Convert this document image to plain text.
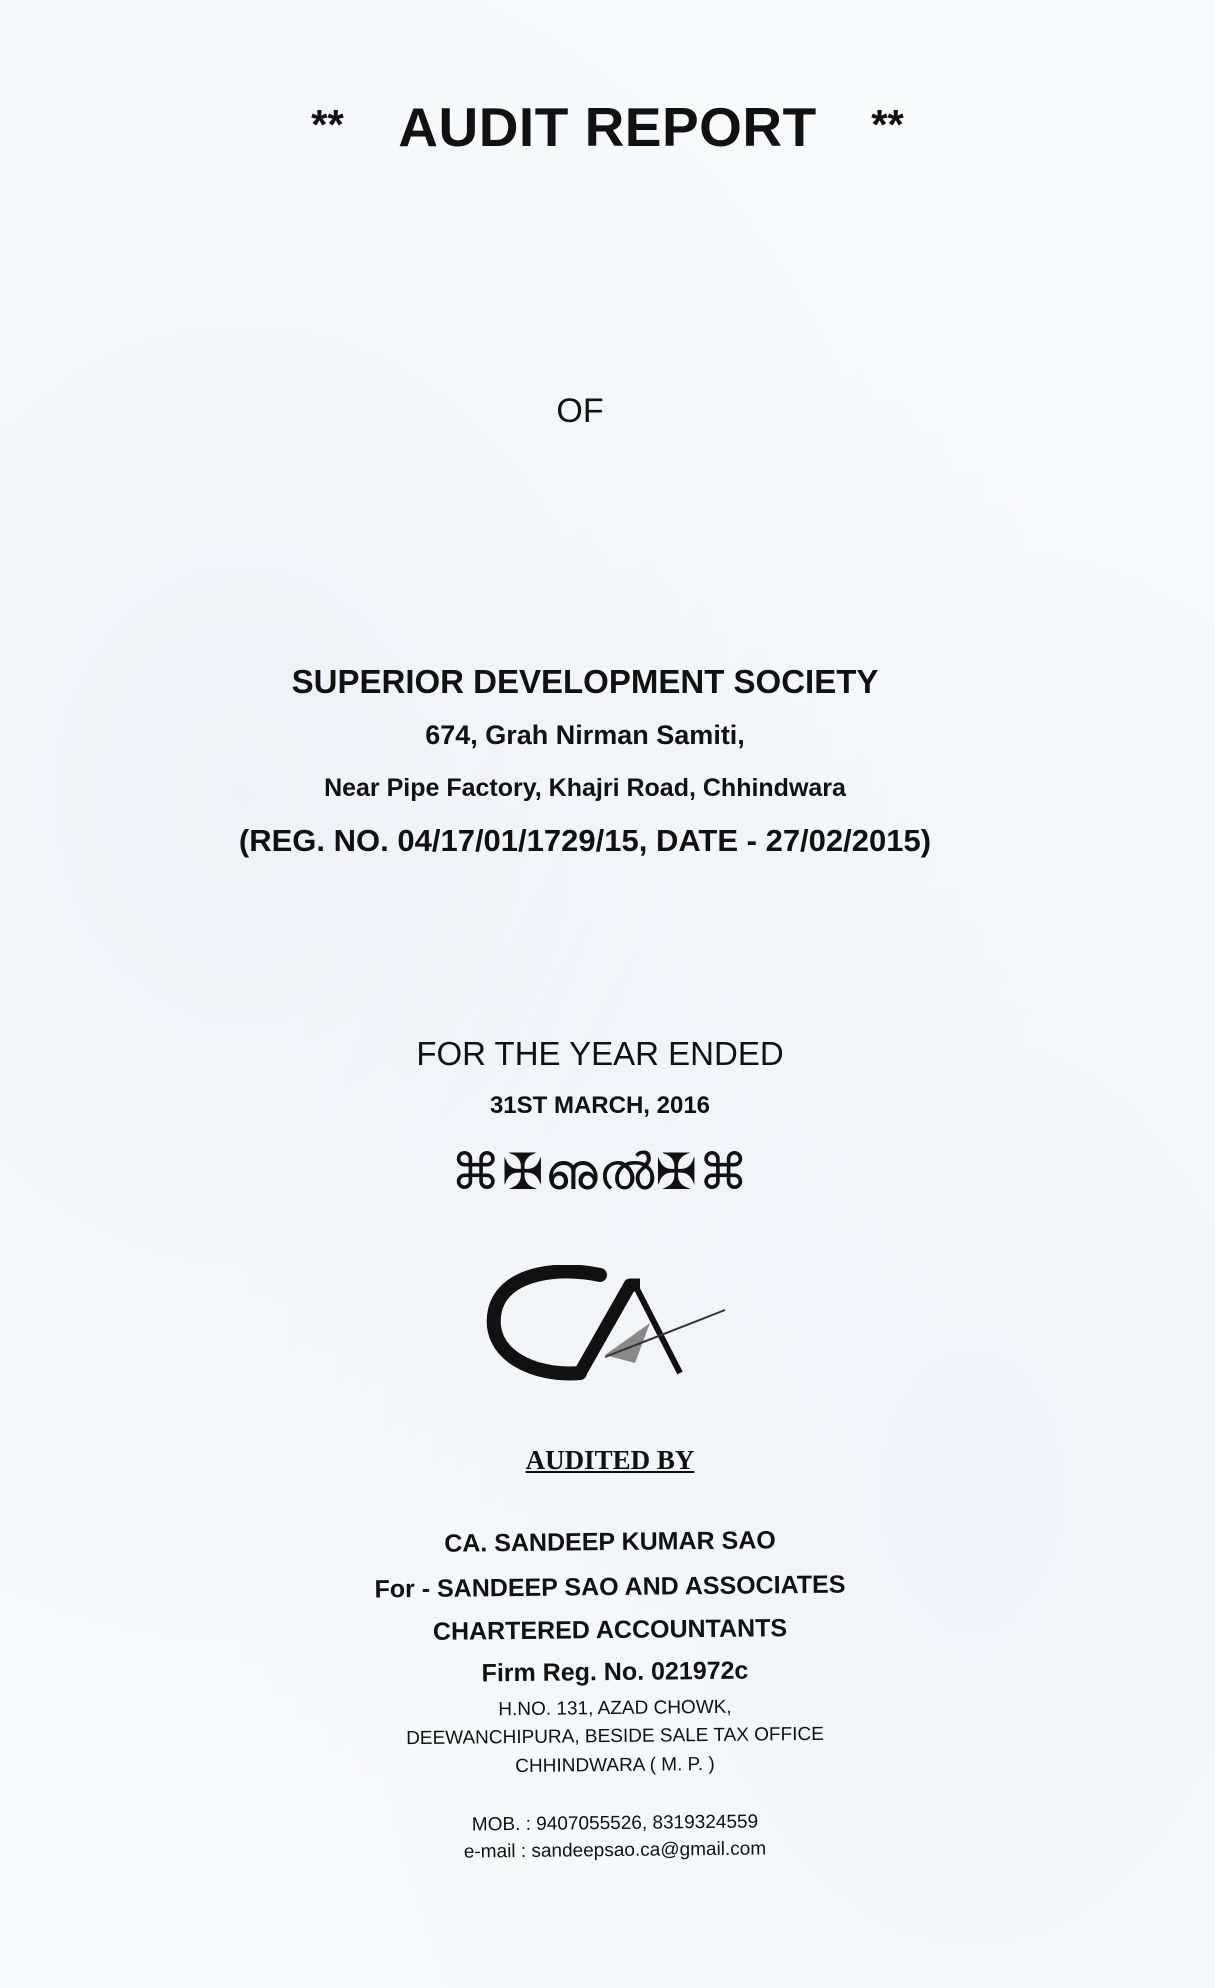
** AUDIT REPORT **
OF
SUPERIOR DEVELOPMENT SOCIETY
674, Grah Nirman Samiti,
Near Pipe Factory, Khajri Road, Chhindwara
(REG. NO. 04/17/01/1729/15, DATE - 27/02/2015)
FOR THE YEAR ENDED
31ST MARCH, 2016
⌘✠ഌൽ✠⌘
AUDITED BY
CA. SANDEEP KUMAR SAO
For - SANDEEP SAO AND ASSOCIATES
CHARTERED ACCOUNTANTS
Firm Reg. No. 021972c
H.NO. 131, AZAD CHOWK,
DEEWANCHIPURA, BESIDE SALE TAX OFFICE
CHHINDWARA ( M. P. )
MOB. : 9407055526, 8319324559
e-mail : sandeepsao.ca@gmail.com
